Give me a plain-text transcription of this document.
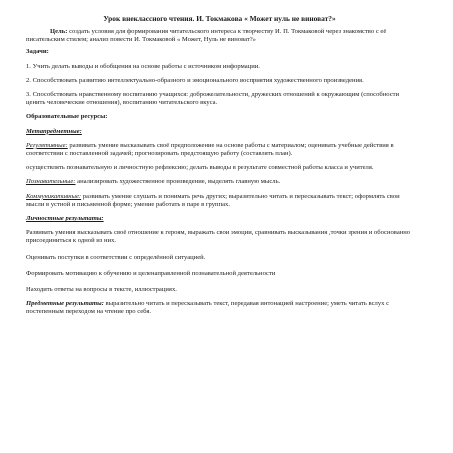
Урок внеклассного чтения. И. Токмакова « Может нуль не виноват?»

Цель: создать условия для формирования читательского интереса к творчеству И. П. Токмаковой через знакомство с её писательским стилем; анализ повести И. Токмаковой « Может, Нуль не виноват?»

Задачи:

1. Учить делать выводы и обобщения на основе работы с источником информации.

2. Способствовать развитию интеллектуально-образного и эмоционального восприятия художественного произведения.

3. Способствовать нравственному воспитанию учащихся: доброжелательности, дружеских отношений к окружающим (способности ценить человеческие отношения), воспитанию читательского вкуса.

Образовательные ресурсы:

Метапредметные:

Регулятивные: развивать умение высказывать своё предположение на основе работы с материалом; оценивать учебные действия в соответствии с поставленной задачей; прогнозировать предстоящую работу (составлять план).

осуществлять познавательную и личностную рефлексию; делать выводы в результате совместной работы класса и учителя.

Познавательные: анализировать художественное произведение, выделять главную мысль.

Коммуникативные: развивать умение слушать и понимать речь других; выразительно читать и пересказывать текст; оформлять свои мысли в устной и письменной форме; умение работать в паре в группах.

Личностные результаты:

Развивать умения высказывать своё отношение к героям, выражать свои эмоции, сравнивать высказывания ,точки зрения и обоснованно присоединиться к одной из них.

Оценивать поступки в соответствии с определённой ситуацией.

Формировать мотивацию к обучению и целенаправленной познавательной деятельности

Находить ответы на вопросы в тексте, иллюстрациях.

Предметные результаты: выразительно читать и пересказывать текст, передавая интонацией настроение; уметь читать вслух с постепенным переходом на чтение про себя.
